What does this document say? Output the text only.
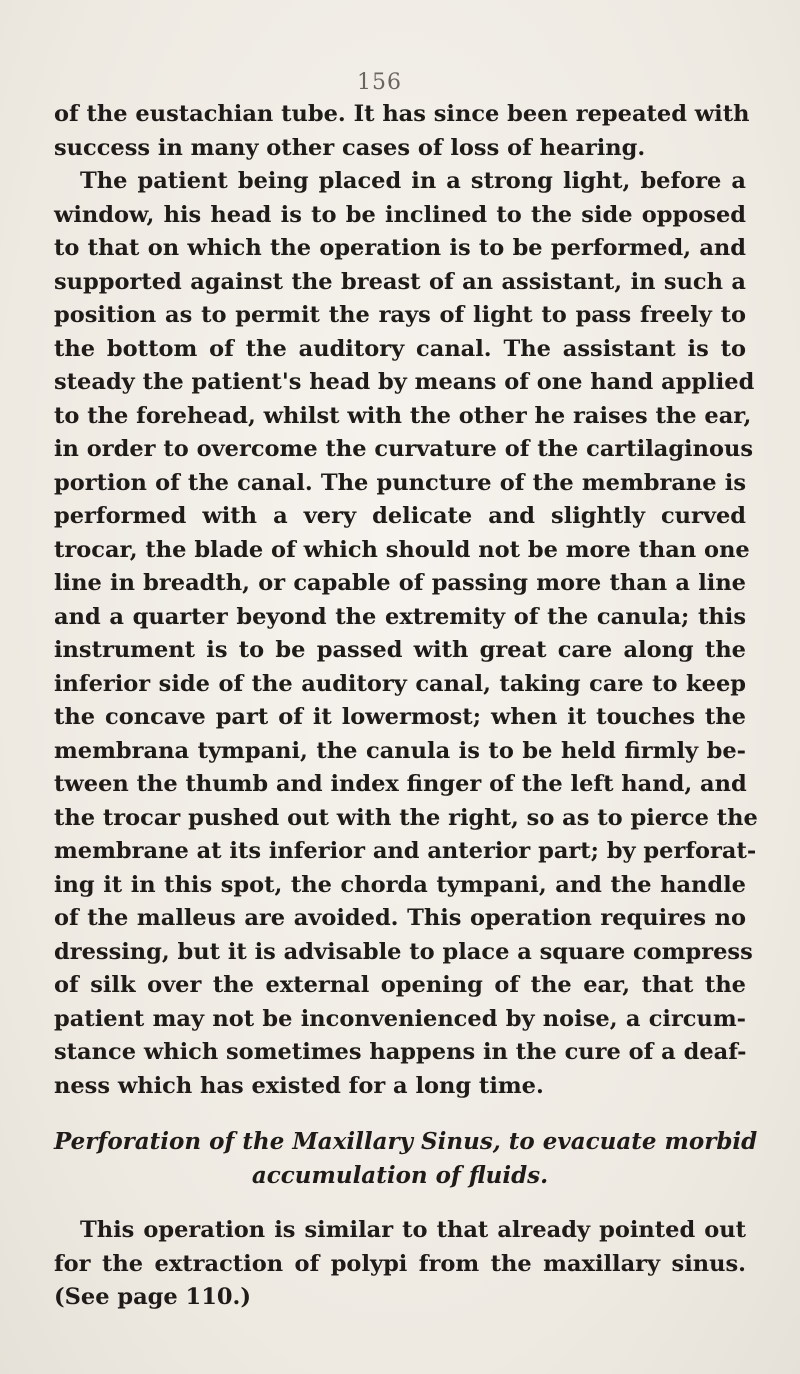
156
of the eustachian tube. It has since been repeated with
success in many other cases of loss of hearing.
The patient being placed in a strong light, before a
window, his head is to be inclined to the side opposed
to that on which the operation is to be performed, and
supported against the breast of an assistant, in such a
position as to permit the rays of light to pass freely to
the bottom of the auditory canal. The assistant is to
steady the patient's head by means of one hand applied
to the forehead, whilst with the other he raises the ear,
in order to overcome the curvature of the cartilaginous
portion of the canal. The puncture of the membrane is
performed with a very delicate and slightly curved
trocar, the blade of which should not be more than one
line in breadth, or capable of passing more than a line
and a quarter beyond the extremity of the canula; this
instrument is to be passed with great care along the
inferior side of the auditory canal, taking care to keep
the concave part of it lowermost; when it touches the
membrana tympani, the canula is to be held firmly be-
tween the thumb and index finger of the left hand, and
the trocar pushed out with the right, so as to pierce the
membrane at its inferior and anterior part; by perforat-
ing it in this spot, the chorda tympani, and the handle
of the malleus are avoided. This operation requires no
dressing, but it is advisable to place a square compress
of silk over the external opening of the ear, that the
patient may not be inconvenienced by noise, a circum-
stance which sometimes happens in the cure of a deaf-
ness which has existed for a long time.
Perforation of the Maxillary Sinus, to evacuate morbid
accumulation of fluids.
This operation is similar to that already pointed out
for the extraction of polypi from the maxillary sinus.
(See page 110.)
